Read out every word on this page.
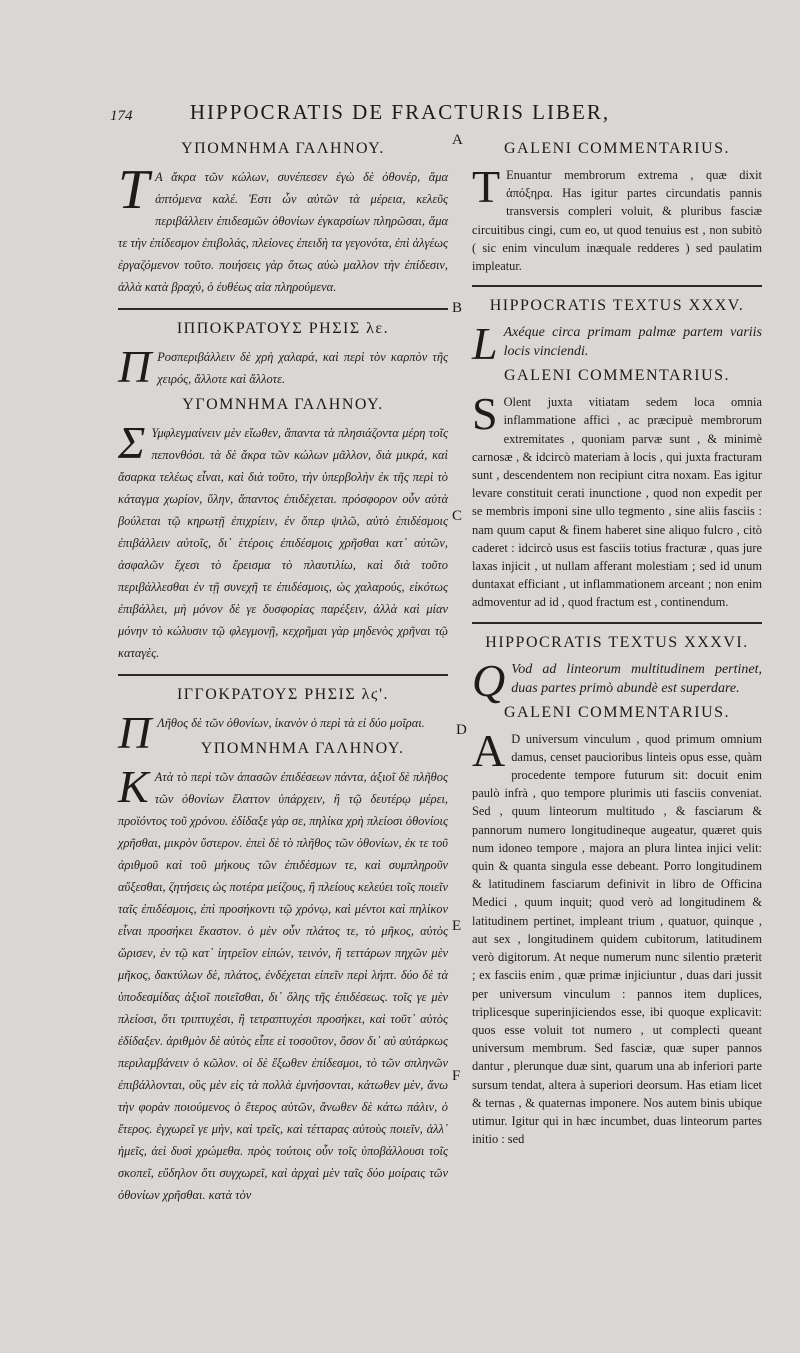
174	HIPPOCRATIS DE FRACTURIS LIBER,
A
B
C
D
E
F
ΥΠΟΜΝΗΜΑ ΓΑΛΗΝΟΥ.
Τ Α ἄκρα τῶν κώλων, συνέπεσεν ἐγὼ δὲ ὀθονέρ, ἅμα ἁπτόμενα καλέ. Ἐστι ὧν αὐτῶν τὰ μέρεια, κελεῦς περιβάλλειν ἐπιδεσμῶν ὀθονίων ἐγκαρσίων πληρῶσαι, ἅμα τε τὴν ἐπίδεσμον ἐπιβολάς, πλείονες ἐπειδὴ τα γεγονότα, ἐπὶ ἀλγέως ἐργαζόμενον τοῦτο. ποιήσεις γὰρ ὅτως αὐὼ μαλλον τὴν ἐπίδεσιν, ἀλλὰ κατὰ βραχύ, ὁ ἐυθέως αἰα πληρούμενα.
ΙΠΠΟΚΡΑΤΟΥΣ ΡΗΣΙΣ λε.
Π Ροσπεριβάλλειν δὲ χρὴ χαλαρά, καὶ περὶ τὸν καρπὸν τῆς χειρός, ἄλλοτε καὶ ἄλλοτε.
ΥΓΟΜΝΗΜΑ ΓΑΛΗΝΟΥ.
Σ Υμφλεγμαίνειν μὲν εἴωθεν, ἅπαντα τὰ πλησιάζοντα μέρη τοῖς πεπονθόσι. τὰ δὲ ἄκρα τῶν κώλων μᾶλλον, διὰ μικρά, καὶ ἄσαρκα τελέως εἶναι, καὶ διὰ τοῦτο, τὴν ὑπερβολὴν ἐκ τῆς περὶ τὸ κάταγμα χωρίον, ὕλην, ἅπαντος ἐπιδέχεται. πρόσφορον οὖν αὐτὰ βούλεται τῷ κηρωτῇ ἐπιχρίειν, ἐν ὅπερ ψιλῶ, αὐτὸ ἐπιδέσμοις ἐπιβάλλειν αὐτοῖς, δι᾽ ἑτέροις ἐπιδέσμοις χρῆσθαι κατ᾽ αὐτῶν, ἀσφαλῶν ἔχεσι τὸ ἔρεισμα τὸ πλαυτιλίω, καὶ διὰ τοῦτο περιβάλλεσθαι ἐν τῇ συνεχῆ τε ἐπιδέσμοις, ὡς χαλαρούς, εἰκότως ἐπιβάλλει, μὴ μόνον δὲ γε δυσφορίας παρέξειν, ἀλλὰ καὶ μίαν μόνην τὸ κώλυσιν τῷ φλεγμονῇ, κεχρῆμαι γὰρ μηδενὸς χρῆναι τῷ καταγὲς.
ΙΓΓΟΚΡΑΤΟΥΣ ΡΗΣΙΣ λϛ'.
Π Λῆθος δὲ τῶν ὀθονίων, ἱκανὸν ὁ περὶ τὰ εἰ δύο μοῖραι.
ΥΠΟΜΝΗΜΑ ΓΑΛΗΝΟΥ.
Κ Ατὰ τὸ περὶ τῶν ἁπασῶν ἐπιδέσεων πάντα, ἀξιοῖ δὲ πλῆθος τῶν ὀθονίων ἔλαττον ὑπάρχειν, ἢ τῷ δευτέρῳ μέρει, προϊόντος τοῦ χρόνου. ἐδίδαξε γὰρ σε, πηλίκα χρὴ πλείοσι ὀθονίοις χρῆσθαι, μικρὸν ὕστερον. ἐπεὶ δὲ τὸ πλῆθος τῶν ὀθονίων, ἐκ τε τοῦ ἀριθμοῦ καὶ τοῦ μήκους τῶν ἐπιδέσμων τε, καὶ συμπληροῦν αὔξεσθαι, ζητήσεις ὡς ποτέρα μείζους, ἢ πλείους κελεύει τοῖς ποιεῖν ταῖς ἐπιδέσμοις, ἐπὶ προσήκοντι τῷ χρόνῳ, καὶ μέντοι καὶ πηλίκον εἶναι προσήκει ἕκαστον. ὁ μὲν οὖν πλάτος τε, τὸ μῆκος, αὐτὸς ὥρισεν, ἐν τῷ κατ᾽ ἰητρεῖον εἰπών, τεινόν, ἢ τεττάρων πηχῶν μὲν μῆκος, δακτύλων δὲ, πλάτος, ἐνδέχεται εἰπεῖν περὶ λήπτ. δύο δὲ τὰ ὑποδεσμίδας ἀξιοῖ ποιεῖσθαι, δι᾽ ὅλης τῆς ἐπιδέσεως. τοῖς γε μὲν πλείοσι, ὅτι τριπτυχέσι, ἢ τετραπτυχέσι προσήκει, καὶ τοῦτ᾽ αὐτὸς ἐδίδαξεν. ἀριθμὸν δὲ αὐτὸς εἶπε εἰ τοσοῦτον, ὅσον δι᾽ αὐ αὐτάρκως περιλαμβάνειν ὁ κῶλον. οἱ δὲ ἔξωθεν ἐπίδεσμοι, τὸ τῶν σπληνῶν ἐπιβάλλονται, οὓς μὲν εἰς τὰ πολλὰ ἐμνήσονται, κάτωθεν μὲν, ἄνω τὴν φορὰν ποιούμενος ὁ ἕτερος αὐτῶν, ἄνωθεν δὲ κάτω πάλιν, ὁ ἕτερος. ἐγχωρεῖ γε μὴν, καὶ τρεῖς, καὶ τέτταρας αὐτοὺς ποιεῖν, ἀλλ᾽ ἡμεῖς, ἀεὶ δυσὶ χρώμεθα. πρὸς τούτοις οὖν τοῖς ὑποβάλλουσι τοῖς σκοπεῖ, εὔδηλον ὅτι συγχωρεῖ, καὶ ἀρχαὶ μὲν ταῖς δύο μοίραις τῶν ὀθονίων χρῆσθαι. κατὰ τὸν
GALENI COMMENTARIUS.
T Enuantur membrorum extrema , quæ dixit ἀπόξηρα. Has igitur partes circundatis pannis transversis compleri voluit, & pluribus fasciæ circuitibus cingi, cum eo, ut quod tenuius est , non subitò ( sic enim vinculum inæquale redderes ) sed paulatim impleatur.
HIPPOCRATIS TEXTUS XXXV.
L Axéque circa primam palmæ partem variis locis vinciendi.
GALENI COMMENTARIUS.
S Olent juxta vitiatam sedem loca omnia inflammatione affici , ac præcipuè membrorum extremitates , quoniam parvæ sunt , & minimè carnosæ , & idcircò materiam à locis , qui juxta fracturam sunt , descendentem non recipiunt citra noxam. Eas igitur levare constituit cerati inunctione , quod non expedit per se membris imponi sine ullo tegmento , sine aliis fasciis : nam quum caput & finem haberet sine aliquo fulcro , citò caderet : idcircò usus est fasciis totius fracturæ , quas jure laxas injicit , ut nullam afferant molestiam ; sed id unum duntaxat efficiant , ut inflammationem arceant ; non enim admoventur ad id , quod fractum est , continendum.
HIPPOCRATIS TEXTUS XXXVI.
Q Vod ad linteorum multitudinem pertinet, duas partes primò abundè est superdare.
GALENI COMMENTARIUS.
A D universum vinculum , quod primum omnium damus, censet paucioribus linteis opus esse, quàm procedente tempore futurum sit: docuit enim paulò infrà , quo tempore plurimis uti fasciis conveniat. Sed , quum linteorum multitudo , & fasciarum & pannorum numero longitudineque augeatur, quæret quis num idoneo tempore , majora an plura lintea injici velit: quin & quanta singula esse debeant. Porro longitudinem & latitudinem fasciarum definivit in libro de Officina Medici , quum inquit; quod verò ad longitudinem & latitudinem pertinet, impleant trium , quatuor, quinque , aut sex , longitudinem quidem cubitorum, latitudinem verò digitorum. At neque numerum nunc silentio præterit ; ex fasciis enim , quæ primæ injiciuntur , duas dari jussit per universum vinculum : pannos item duplices, triplicesque superinjiciendos esse, ibi quoque explicavit: quos esse voluit tot numero , ut complecti queant universum membrum. Sed fasciæ, quæ super pannos dantur , plerunque duæ sint, quarum una ab inferiori parte sursum tendat, altera à superiori deorsum. Has etiam licet & ternas , & quaternas imponere. Nos autem binis ubique utimur. Igitur qui in hæc incumbet, duas linteorum partes initio : sed
